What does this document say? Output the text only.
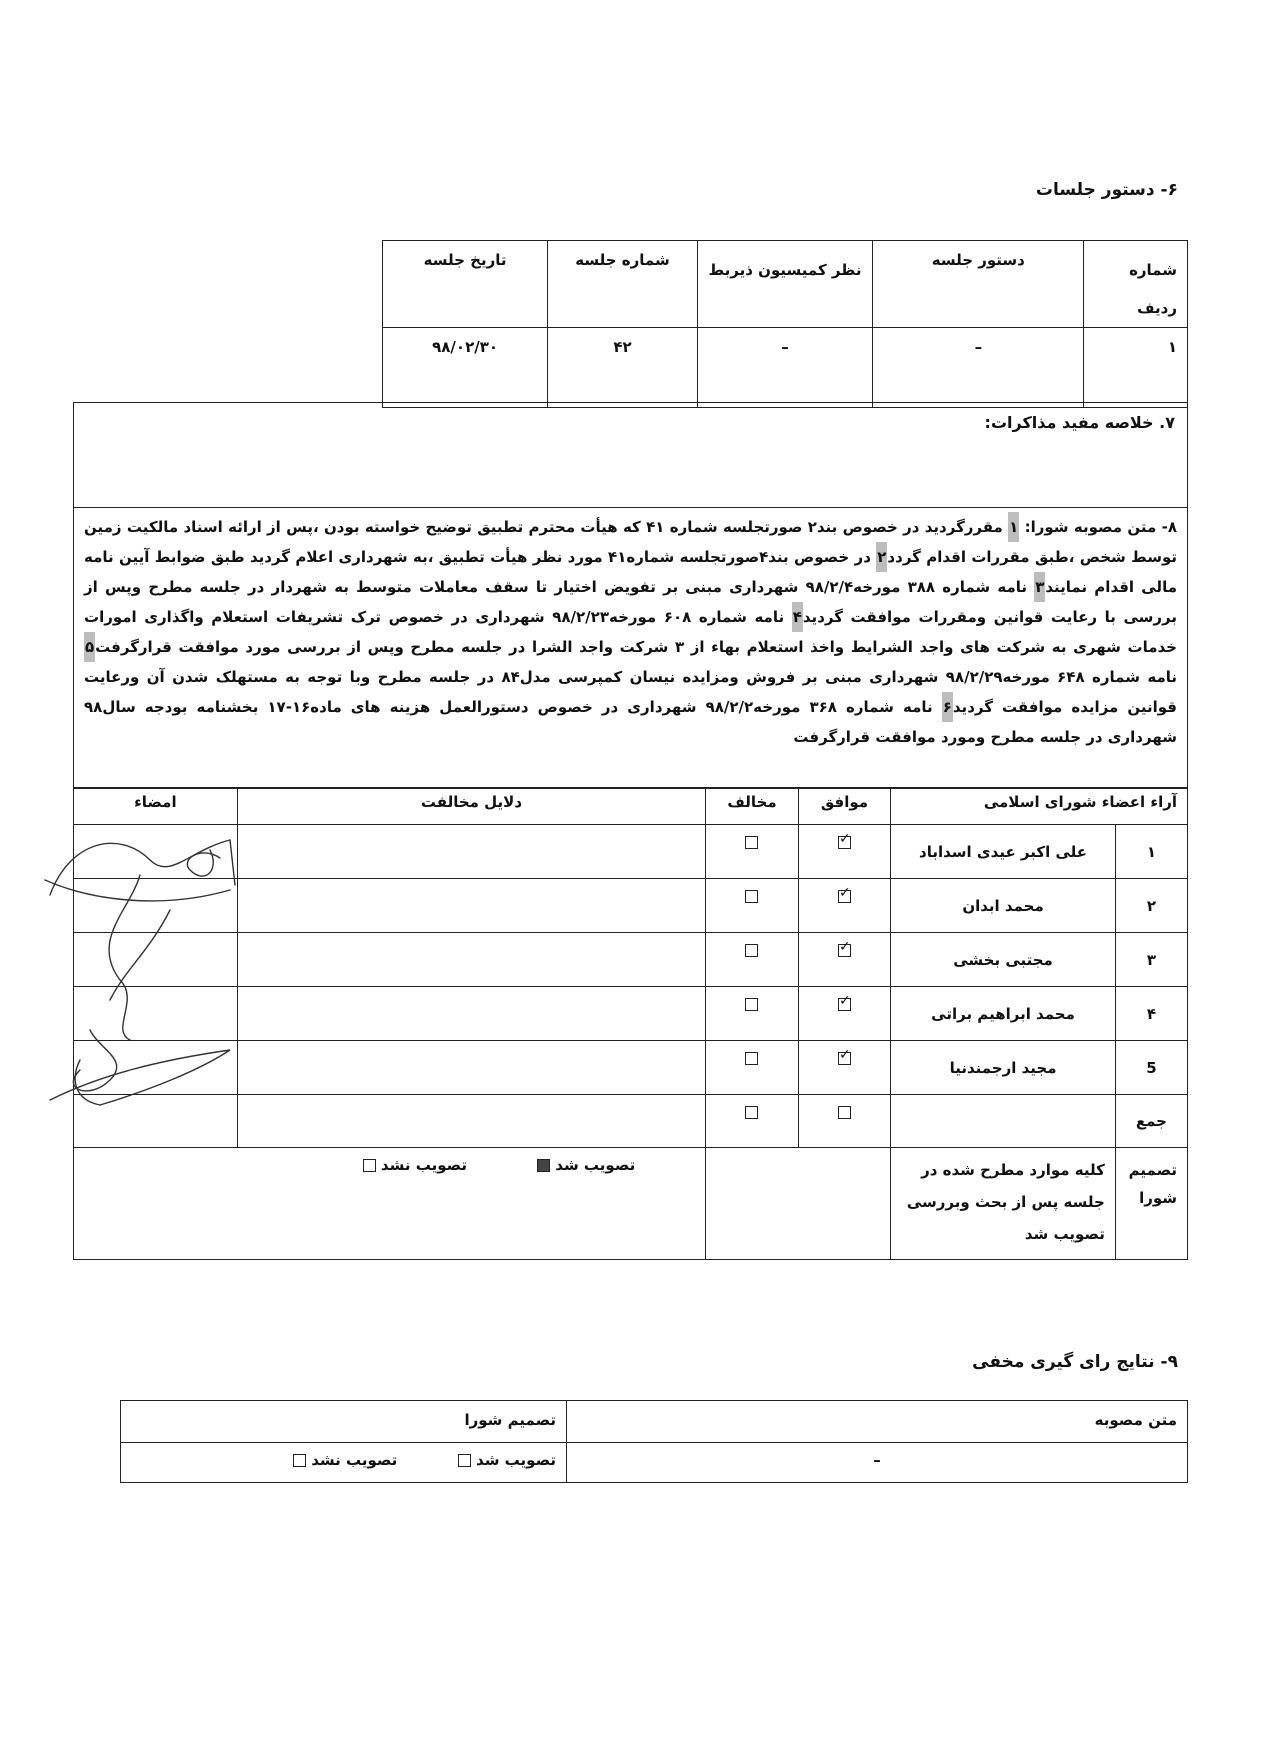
۶- دستور جلسات
شماره ردیف	دستور جلسه	نظر کمیسیون ذیربط	شماره جلسه	تاریخ جلسه
۱	–	–	۴۲	۹۸/۰۲/۳۰
۷. خلاصه مفید مذاکرات:
۸- متن مصوبه شورا: ۱ مقررگردید در خصوص بند۲ صورتجلسه شماره ۴۱ که هیأت محترم تطبیق توضیح خواسته بودن ،پس از ارائه اسناد مالکیت زمین توسط شخص ،طبق مقررات اقدام گردد۲ در خصوص بند۴صورتجلسه شماره۴۱ مورد نظر هیأت تطبیق ،به شهرداری اعلام گردید طبق ضوابط آیین نامه مالی اقدام نمایند۳ نامه شماره ۳۸۸ مورخه۹۸/۲/۴ شهرداری مبنی بر تفویض اختیار تا سقف معاملات متوسط به شهردار در جلسه مطرح وپس از بررسی با رعایت قوانین ومقررات موافقت گردید۴ نامه شماره ۶۰۸ مورخه۹۸/۲/۲۳ شهرداری در خصوص ترک تشریفات استعلام واگذاری امورات خدمات شهری به شرکت های واجد الشرایط واخذ استعلام بهاء از ۳ شرکت واجد الشرا در جلسه مطرح وپس از بررسی مورد موافقت قرارگرفت۵ نامه شماره ۶۴۸ مورخه۹۸/۲/۲۹ شهرداری مبنی بر فروش ومزایده نیسان کمپرسی مدل۸۴ در جلسه مطرح وبا توجه به مستهلک شدن آن ورعایت قوانین مزایده موافقت گردید۶ نامه شماره ۳۶۸ مورخه۹۸/۲/۲ شهرداری در خصوص دستورالعمل هزینه های ماده۱۶-۱۷ بخشنامه بودجه سال۹۸ شهرداری در جلسه مطرح ومورد موافقت قرارگرفت
آراء اعضاء شورای اسلامی		موافق	مخالف	دلایل مخالفت	امضاء
۱	علی اکبر عیدی اسداباد	✓			
۲	محمد ابدان	✓			
۳	مجتبی بخشی	✓			
۴	محمد ابراهیم براتی	✓			
5	مجید ارجمندنیا	✓			
جمع					
تصمیم شورا	کلیه موارد مطرح شده در جلسه پس از بحث وبررسی تصویب شد			تصویب شد
تصویب نشد	
۹- نتایج رای گیری مخفی
متن مصوبه	تصمیم شورا
–	تصویب شد   تصویب نشد
